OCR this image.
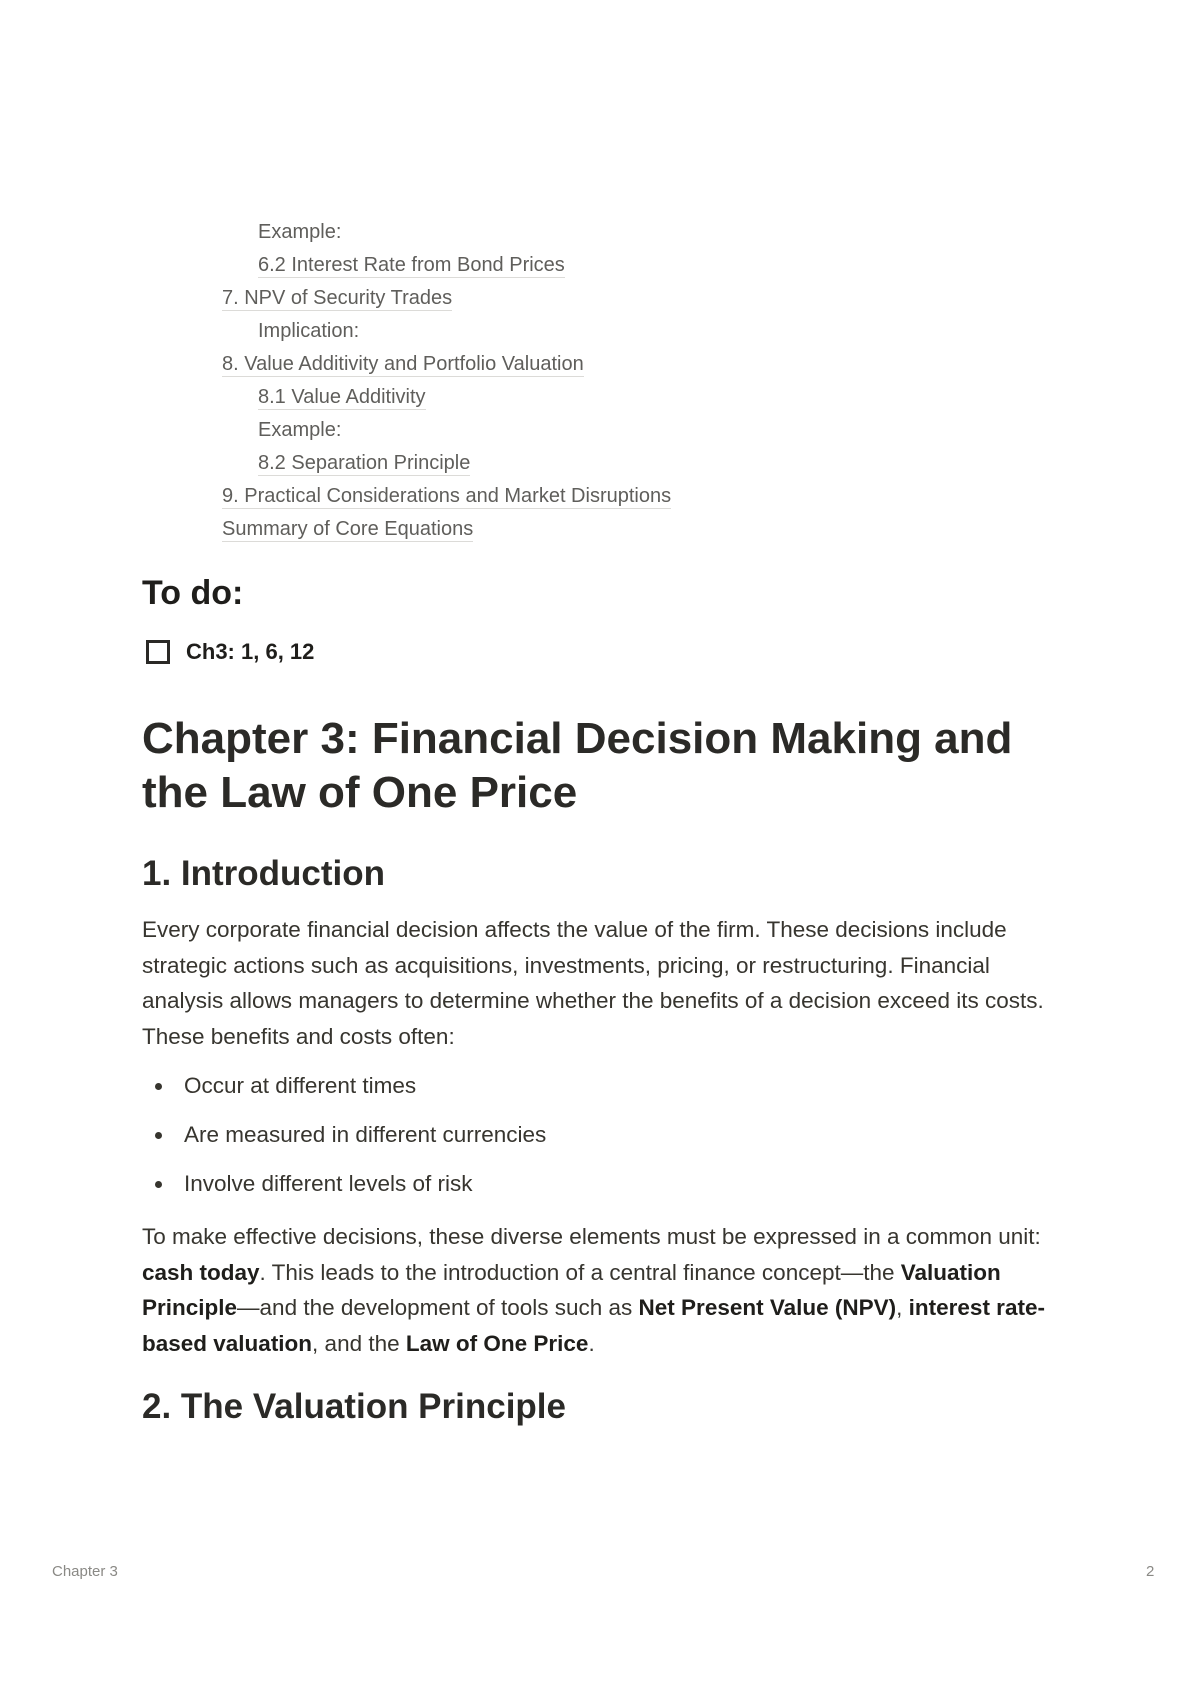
Example:
6.2 Interest Rate from Bond Prices
7. NPV of Security Trades
Implication:
8. Value Additivity and Portfolio Valuation
8.1 Value Additivity
Example:
8.2 Separation Principle
9. Practical Considerations and Market Disruptions
Summary of Core Equations
To do:
Ch3: 1, 6, 12
Chapter 3: Financial Decision Making and the Law of One Price
1. Introduction

Every corporate financial decision affects the value of the firm. These decisions include strategic actions such as acquisitions, investments, pricing, or restructuring. Financial analysis allows managers to determine whether the benefits of a decision exceed its costs. These benefits and costs often:

Occur at different times
Are measured in different currencies
Involve different levels of risk

To make effective decisions, these diverse elements must be expressed in a common unit: cash today. This leads to the introduction of a central finance concept—the Valuation Principle—and the development of tools such as Net Present Value (NPV), interest rate-based valuation, and the Law of One Price.

2. The Valuation Principle
Chapter 3	2
